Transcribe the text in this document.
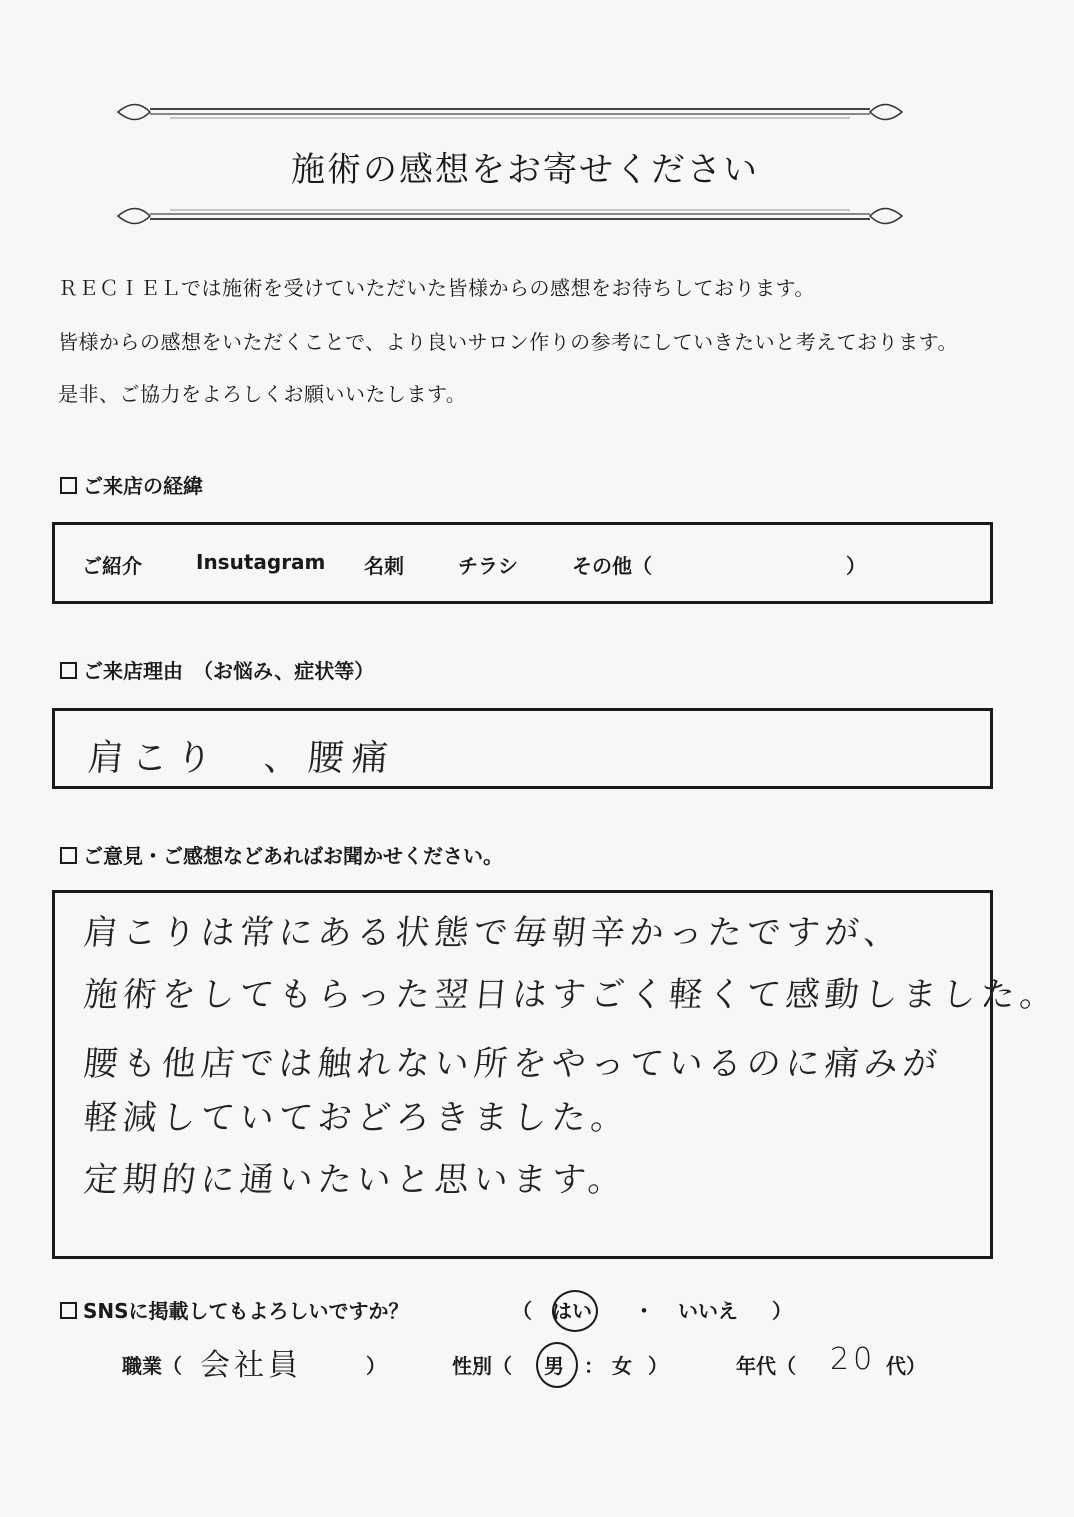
施術の感想をお寄せください
ＲＥＣＩＥＬでは施術を受けていただいた皆様からの感想をお待ちしております。
皆様からの感想をいただくことで、より良いサロン作りの参考にしていきたいと考えております。
是非、ご協力をよろしくお願いいたします。
ご来店の経緯
ご紹介	Insutagram 名刺	チラシ	その他（	）
ご来店理由　（お悩み、症状等）
肩こり　、腰痛
ご意見・ご感想などあればお聞かせください。
肩こりは常にある状態で毎朝辛かったですが、
施術をしてもらった翌日はすごく軽くて感動しました。
腰も他店では触れない所をやっているのに痛みが
軽減していておどろきました。
定期的に通いたいと思います。
SNSに掲載してもよろしいですか？	（ はい ・ いいえ ）
職業（ 会社員	）	性別（ 男 ： 女 ）	年代（ 20 代）
